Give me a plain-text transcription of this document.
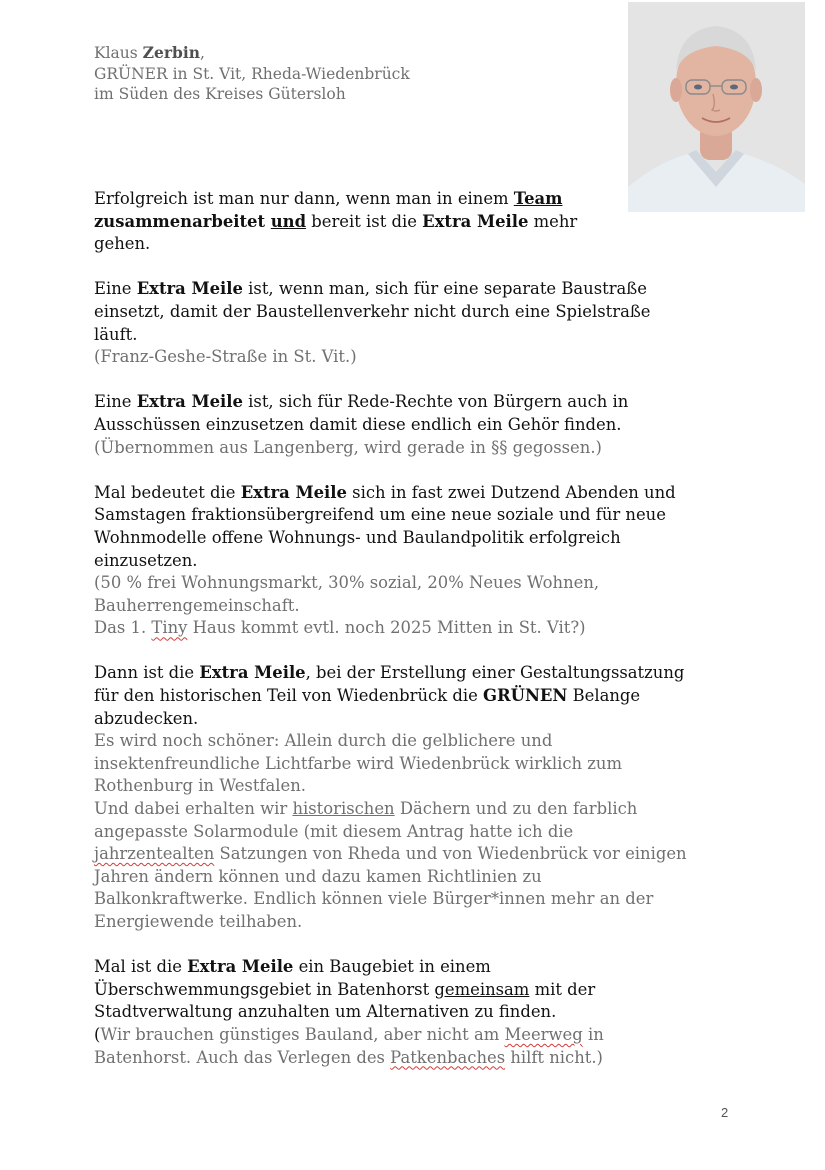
Klaus Zerbin,
GRÜNER in St. Vit, Rheda-Wiedenbrück
im Süden des Kreises Gütersloh
Erfolgreich ist man nur dann, wenn man in einem Team
zusammenarbeitet und bereit ist die Extra Meile mehr
gehen.
Eine Extra Meile ist, wenn man, sich für eine separate Baustraße
einsetzt, damit der Baustellenverkehr nicht durch eine Spielstraße
läuft.
(Franz-Geshe-Straße in St. Vit.)
Eine Extra Meile ist, sich für Rede-Rechte von Bürgern auch in
Ausschüssen einzusetzen damit diese endlich ein Gehör finden.
(Übernommen aus Langenberg, wird gerade in §§ gegossen.)
Mal bedeutet die Extra Meile sich in fast zwei Dutzend Abenden und
Samstagen fraktionsübergreifend um eine neue soziale und für neue
Wohnmodelle offene Wohnungs- und Baulandpolitik erfolgreich
einzusetzen.
(50 % frei Wohnungsmarkt, 30% sozial, 20% Neues Wohnen,
Bauherrengemeinschaft.
Das 1. Tiny Haus kommt evtl. noch 2025 Mitten in St. Vit?)
Dann ist die Extra Meile, bei der Erstellung einer Gestaltungssatzung
für den historischen Teil von Wiedenbrück die GRÜNEN Belange
abzudecken.
Es wird noch schöner: Allein durch die gelblichere und
insektenfreundliche Lichtfarbe wird Wiedenbrück wirklich zum
Rothenburg in Westfalen.
Und dabei erhalten wir historischen Dächern und zu den farblich
angepasste Solarmodule (mit diesem Antrag hatte ich die
jahrzentealten Satzungen von Rheda und von Wiedenbrück vor einigen
Jahren ändern können und dazu kamen Richtlinien zu
Balkonkraftwerke. Endlich können viele Bürger*innen mehr an der
Energiewende teilhaben.
Mal ist die Extra Meile ein Baugebiet in einem
Überschwemmungsgebiet in Batenhorst gemeinsam mit der
Stadtverwaltung anzuhalten um Alternativen zu finden.
(Wir brauchen günstiges Bauland, aber nicht am Meerweg in
Batenhorst. Auch das Verlegen des Patkenbaches hilft nicht.)
2
